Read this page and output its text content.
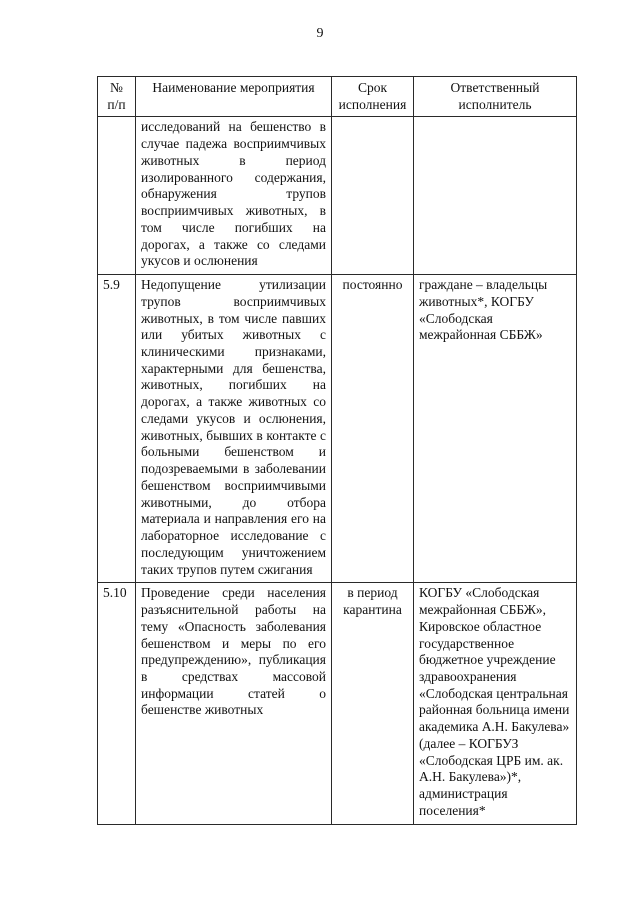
9
№ п/п	Наименование мероприятия	Срок исполнения	Ответственный исполнитель
	исследований на бешенство в случае падежа восприимчивых животных в период изолированного содержания, обнаружения трупов восприимчивых животных, в том числе погибших на дорогах, а также со следами укусов и ослюнения		
5.9	Недопущение утилизации трупов восприимчивых животных, в том числе павших или убитых животных с клиническими признаками, характерными для бешенства, животных, погибших на дорогах, а также животных со следами укусов и ослюнения, животных, бывших в контакте с больными бешенством и подозреваемыми в заболевании бешенством восприимчивыми животными, до отбора материала и направления его на лабораторное исследование с последующим уничтожением таких трупов путем сжигания	постоянно	граждане – владельцы животных*, КОГБУ «Слободская межрайонная СББЖ»
5.10	Проведение среди населения разъяснительной работы на тему «Опасность заболевания бешенством и меры по его предупреждению», публикация в средствах массовой информации статей о бешенстве животных	в период карантина	КОГБУ «Слободская межрайонная СББЖ», Кировское областное государственное бюджетное учреждение здравоохранения «Слободская центральная районная больница имени академика А.Н. Бакулева» (далее – КОГБУЗ «Слободская ЦРБ им. ак. А.Н. Бакулева»)*, администрация поселения*
